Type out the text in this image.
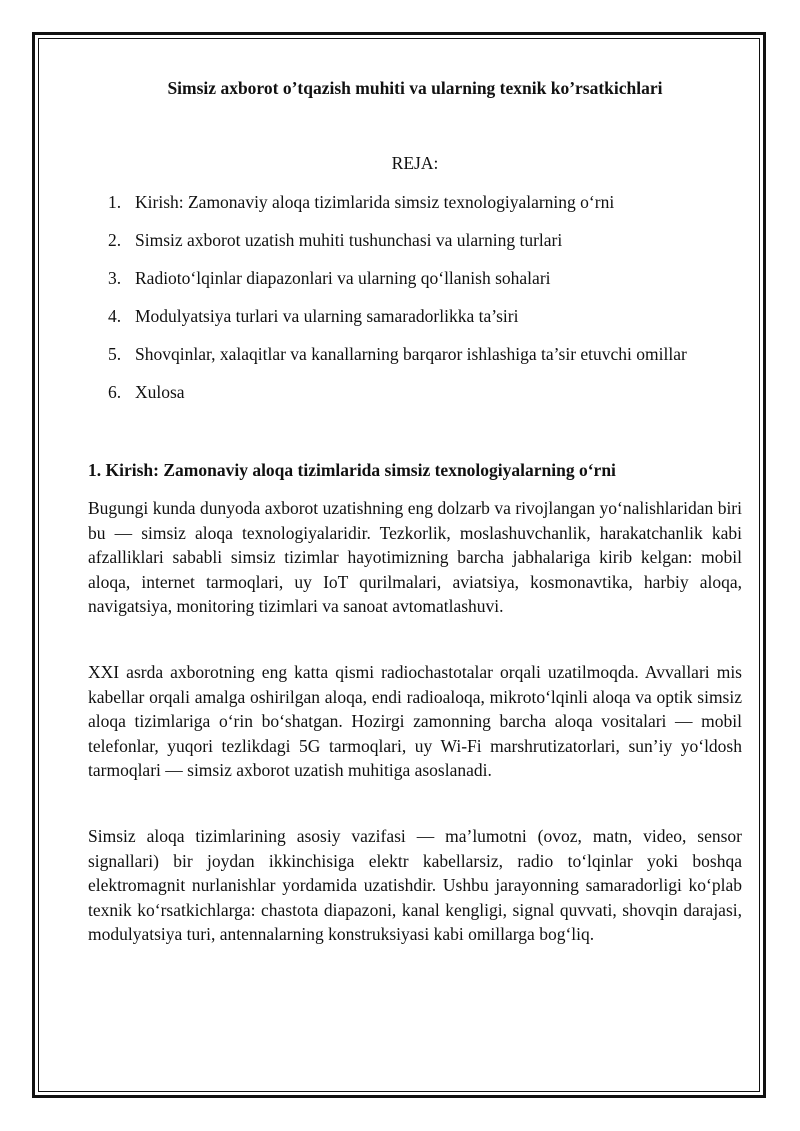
Simsiz axborot o’tqazish muhiti va ularning texnik ko’rsatkichlari
REJA:
1. Kirish: Zamonaviy aloqa tizimlarida simsiz texnologiyalarning o‘rni
2. Simsiz axborot uzatish muhiti tushunchasi va ularning turlari
3. Radioto‘lqinlar diapazonlari va ularning qo‘llanish sohalari
4. Modulyatsiya turlari va ularning samaradorlikka ta’siri
5. Shovqinlar, xalaqitlar va kanallarning barqaror ishlashiga ta’sir etuvchi omillar
6. Xulosa
1. Kirish: Zamonaviy aloqa tizimlarida simsiz texnologiyalarning o‘rni

Bugungi kunda dunyoda axborot uzatishning eng dolzarb va rivojlangan yo‘nalishlaridan biri bu — simsiz aloqa texnologiyalaridir. Tezkorlik, moslashuvchanlik, harakatchanlik kabi afzalliklari sababli simsiz tizimlar hayotimizning barcha jabhalariga kirib kelgan: mobil aloqa, internet tarmoqlari, uy IoT qurilmalari, aviatsiya, kosmonavtika, harbiy aloqa, navigatsiya, monitoring tizimlari va sanoat avtomatlashuvi.

XXI asrda axborotning eng katta qismi radiochastotalar orqali uzatilmoqda. Avvallari mis kabellar orqali amalga oshirilgan aloqa, endi radioaloqa, mikroto‘lqinli aloqa va optik simsiz aloqa tizimlariga o‘rin bo‘shatgan. Hozirgi zamonning barcha aloqa vositalari — mobil telefonlar, yuqori tezlikdagi 5G tarmoqlari, uy Wi-Fi marshrutizatorlari, sun’iy yo‘ldosh tarmoqlari — simsiz axborot uzatish muhitiga asoslanadi.

Simsiz aloqa tizimlarining asosiy vazifasi — ma’lumotni (ovoz, matn, video, sensor signallari) bir joydan ikkinchisiga elektr kabellarsiz, radio to‘lqinlar yoki boshqa elektromagnit nurlanishlar yordamida uzatishdir. Ushbu jarayonning samaradorligi ko‘plab texnik ko‘rsatkichlarga: chastota diapazoni, kanal kengligi, signal quvvati, shovqin darajasi, modulyatsiya turi, antennalarning konstruksiyasi kabi omillarga bog‘liq.
